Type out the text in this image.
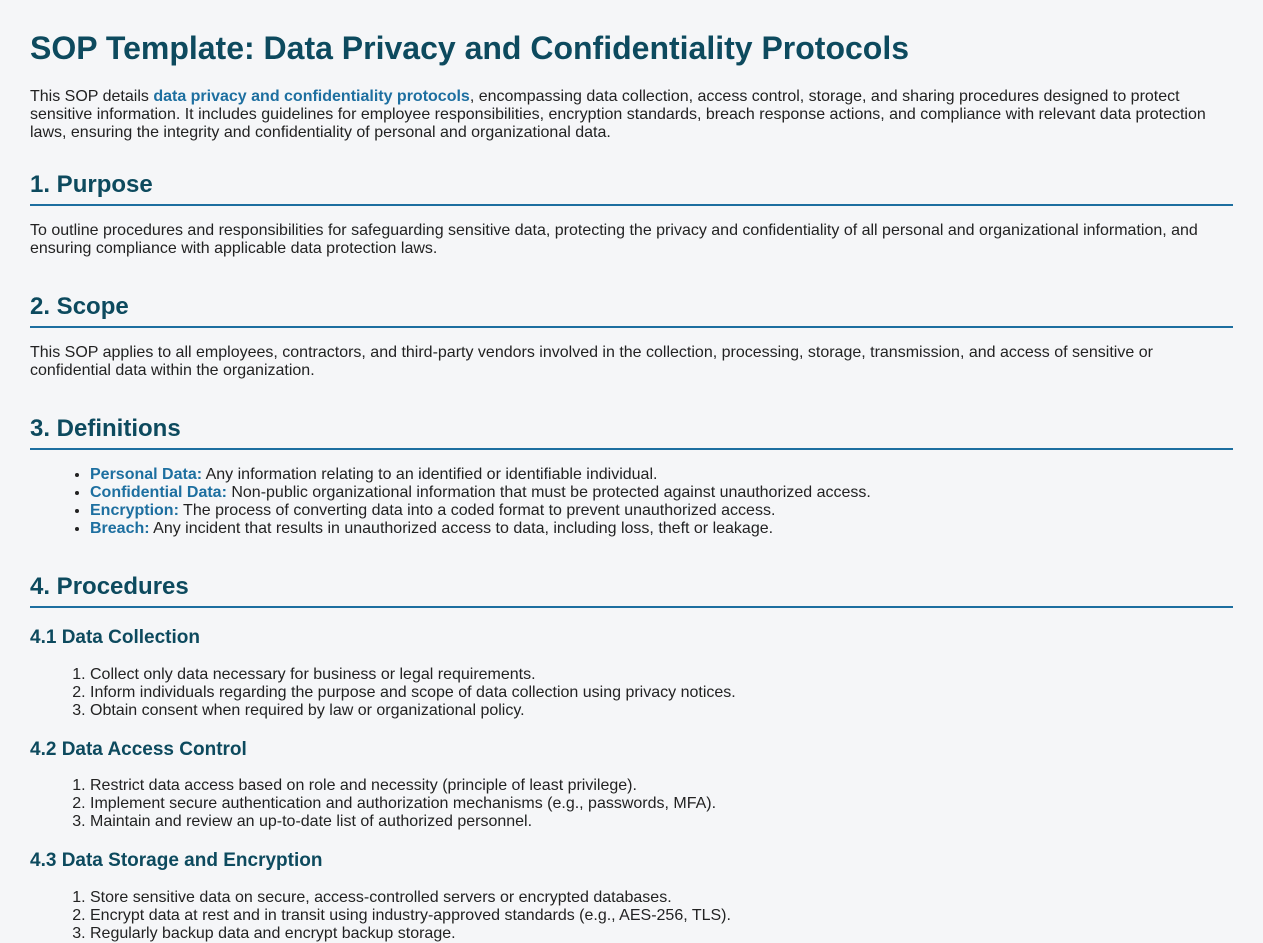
SOP Template: Data Privacy and Confidentiality Protocols

This SOP details data privacy and confidentiality protocols, encompassing data collection, access control, storage, and sharing procedures designed to protect sensitive information. It includes guidelines for employee responsibilities, encryption standards, breach response actions, and compliance with relevant data protection laws, ensuring the integrity and confidentiality of personal and organizational data.

1. Purpose

To outline procedures and responsibilities for safeguarding sensitive data, protecting the privacy and confidentiality of all personal and organizational information, and ensuring compliance with applicable data protection laws.

2. Scope

This SOP applies to all employees, contractors, and third-party vendors involved in the collection, processing, storage, transmission, and access of sensitive or confidential data within the organization.

3. Definitions
• Personal Data: Any information relating to an identified or identifiable individual.
• Confidential Data: Non-public organizational information that must be protected against unauthorized access.
• Encryption: The process of converting data into a coded format to prevent unauthorized access.
• Breach: Any incident that results in unauthorized access to data, including loss, theft or leakage.
4. Procedures
4.1 Data Collection
1. Collect only data necessary for business or legal requirements.
2. Inform individuals regarding the purpose and scope of data collection using privacy notices.
3. Obtain consent when required by law or organizational policy.
4.2 Data Access Control
1. Restrict data access based on role and necessity (principle of least privilege).
2. Implement secure authentication and authorization mechanisms (e.g., passwords, MFA).
3. Maintain and review an up-to-date list of authorized personnel.
4.3 Data Storage and Encryption
1. Store sensitive data on secure, access-controlled servers or encrypted databases.
2. Encrypt data at rest and in transit using industry-approved standards (e.g., AES-256, TLS).
3. Regularly backup data and encrypt backup storage.
